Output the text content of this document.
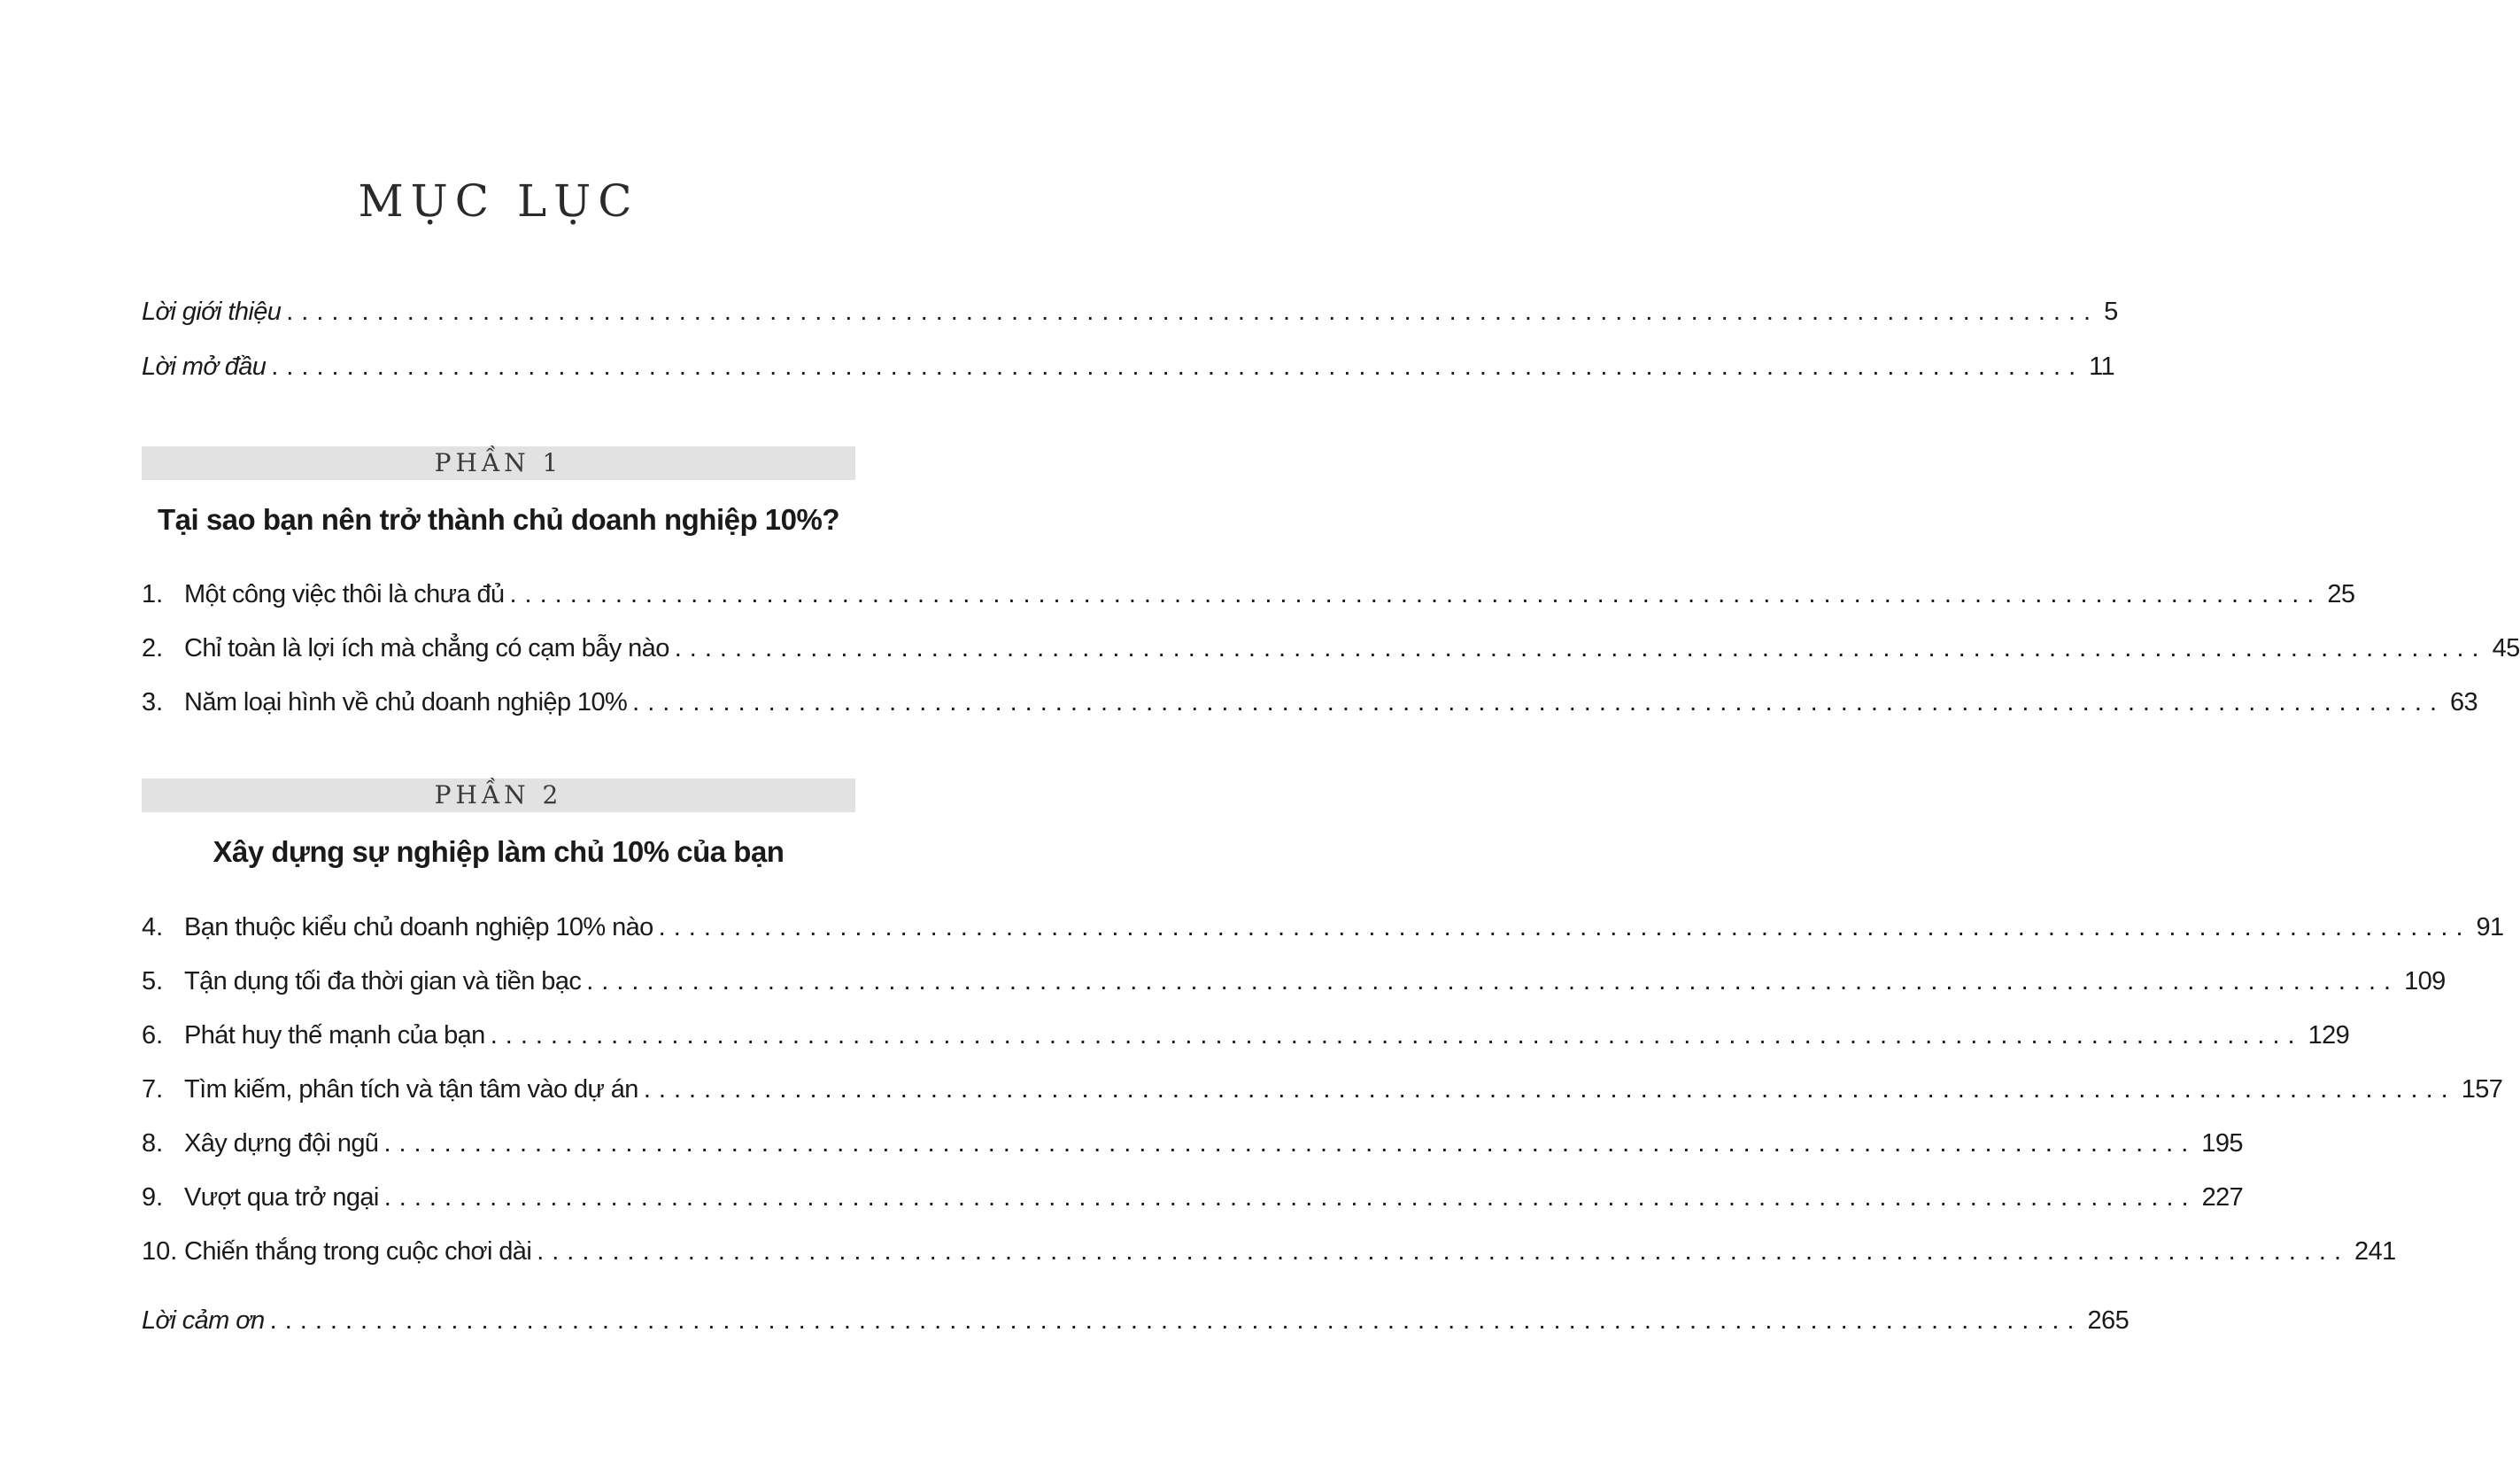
MỤC LỤC
Lời giới thiệu ........................................................................................................................ 5
Lời mở đầu ........................................................................................................................ 11
PHẦN 1
Tại sao bạn nên trở thành chủ doanh nghiệp 10%?
1. Một công việc thôi là chưa đủ ........................................................................................................................ 25
2. Chỉ toàn là lợi ích mà chẳng có cạm bẫy nào ........................................................................................................................ 45
3. Năm loại hình về chủ doanh nghiệp 10% ........................................................................................................................ 63
PHẦN 2
Xây dựng sự nghiệp làm chủ 10% của bạn
4. Bạn thuộc kiểu chủ doanh nghiệp 10% nào ........................................................................................................................ 91
5. Tận dụng tối đa thời gian và tiền bạc ........................................................................................................................ 109
6. Phát huy thế mạnh của bạn ........................................................................................................................ 129
7. Tìm kiếm, phân tích và tận tâm vào dự án ........................................................................................................................ 157
8. Xây dựng đội ngũ ........................................................................................................................ 195
9. Vượt qua trở ngại ........................................................................................................................ 227
10. Chiến thắng trong cuộc chơi dài ........................................................................................................................ 241
Lời cảm ơn ........................................................................................................................ 265
